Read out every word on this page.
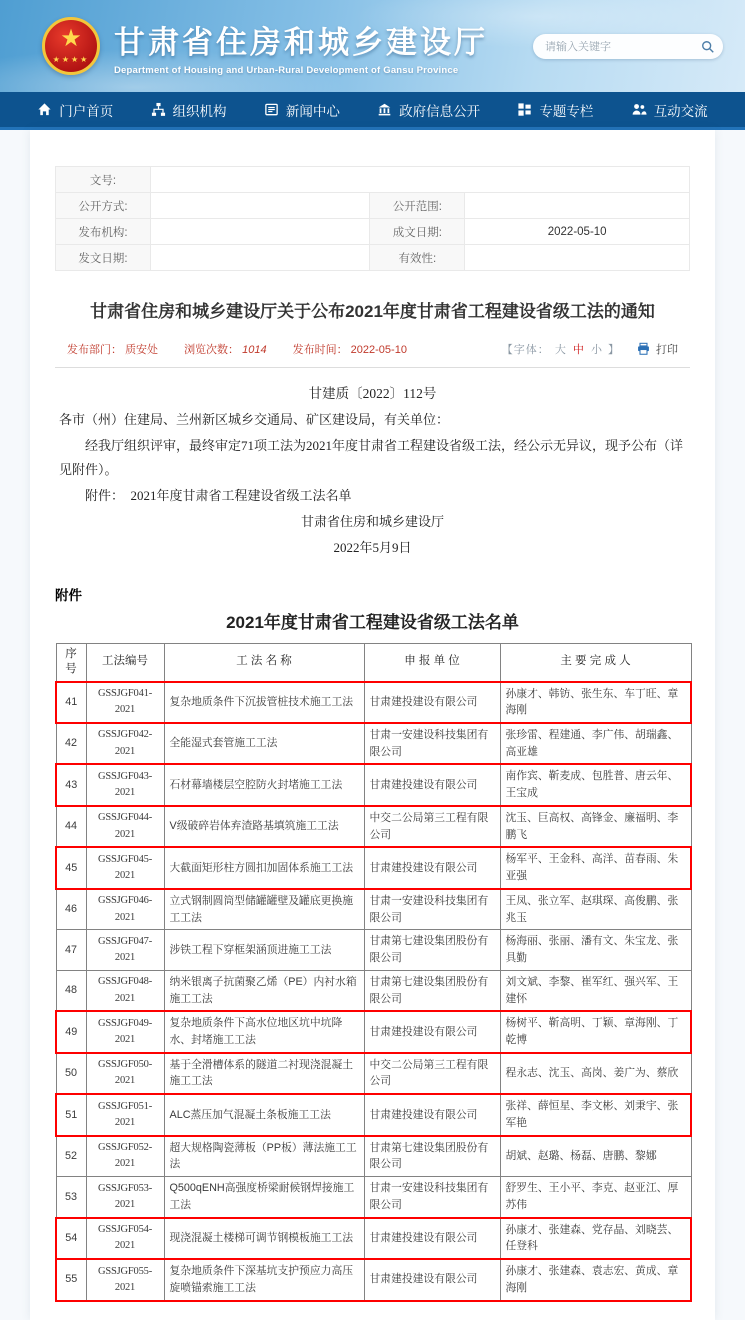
★
★★★★ 甘肃省住房和城乡建设厅
Department of Housing and Urban-Rural Development of Gansu Province
请输入关键字
门户首页	组织机构	新闻中心	政府信息公开	专题专栏	互动交流
文号:			
公开方式:		公开范围:	
发布机构:		成文日期:	2022-05-10
发文日期:		有效性:	
甘肃省住房和城乡建设厅关于公布2021年度甘肃省工程建设省级工法的通知
发布部门： 质安处 浏览次数： 1014 发布时间： 2022-05-10	【字体： 大 中 小 】	打印

甘建质〔2022〕112号

各市（州）住建局、兰州新区城乡交通局、矿区建设局，有关单位：

经我厅组织评审，最终审定71项工法为2021年度甘肃省工程建设省级工法，经公示无异议，现予公布（详见附件）。

附件：  2021年度甘肃省工程建设省级工法名单

甘肃省住房和城乡建设厅

2022年5月9日

附件
2021年度甘肃省工程建设省级工法名单
序号	工法编号	工 法 名 称	申 报 单 位	主 要 完 成 人
41	GSSJGF041-2021	复杂地质条件下沉拔管桩技术施工工法	甘肃建投建设有限公司	孙康才、韩钫、张生东、车丁旺、章海刚
42	GSSJGF042-2021	全能湿式套管施工工法	甘肃一安建设科技集团有限公司	张珍雷、程建通、李广伟、胡瑞鑫、高亚雄
43	GSSJGF043-2021	石材幕墙楼层空腔防火封堵施工工法	甘肃建投建设有限公司	南作宾、靳麦成、包胜普、唐云年、王宝成
44	GSSJGF044-2021	V级破碎岩体弃渣路基填筑施工工法	中交二公局第三工程有限公司	沈玉、巨高权、高锋金、廉福明、李鹏飞
45	GSSJGF045-2021	大截面矩形柱方圆扣加固体系施工工法	甘肃建投建设有限公司	杨军平、王金科、高洋、苗春雨、朱亚强
46	GSSJGF046-2021	立式钢制圆筒型储罐罐壁及罐底更换施工工法	甘肃一安建设科技集团有限公司	王凤、张立军、赵琪琛、高俊鹏、张兆玉
47	GSSJGF047-2021	涉铁工程下穿框架涵顶进施工工法	甘肃第七建设集团股份有限公司	杨海丽、张丽、潘有文、朱宝龙、张具勤
48	GSSJGF048-2021	纳米银离子抗菌聚乙烯（PE）内衬水箱施工工法	甘肃第七建设集团股份有限公司	刘文斌、李黎、崔军红、强兴军、王建怀
49	GSSJGF049-2021	复杂地质条件下高水位地区坑中坑降水、封堵施工工法	甘肃建投建设有限公司	杨树平、靳高明、丁颖、章海刚、丁乾博
50	GSSJGF050-2021	基于全滑槽体系的隧道二衬现浇混凝土施工工法	中交二公局第三工程有限公司	程永志、沈玉、高岗、姜广为、蔡欣
51	GSSJGF051-2021	ALC蒸压加气混凝土条板施工工法	甘肃建投建设有限公司	张祥、薛恒星、李文彬、刘秉宇、张军艳
52	GSSJGF052-2021	超大规格陶瓷薄板（PP板）薄法施工工法	甘肃第七建设集团股份有限公司	胡斌、赵璐、杨磊、唐鹏、黎娜
53	GSSJGF053-2021	Q500qENH高强度桥梁耐候钢焊接施工工法	甘肃一安建设科技集团有限公司	舒罗生、王小平、李克、赵亚江、厚苏伟
54	GSSJGF054-2021	现浇混凝土楼梯可调节钢模板施工工法	甘肃建投建设有限公司	孙康才、张建森、党存晶、刘晓芸、任登科
55	GSSJGF055-2021	复杂地质条件下深基坑支护预应力高压旋喷锚索施工工法	甘肃建投建设有限公司	孙康才、张建森、袁志宏、黄成、章海刚
